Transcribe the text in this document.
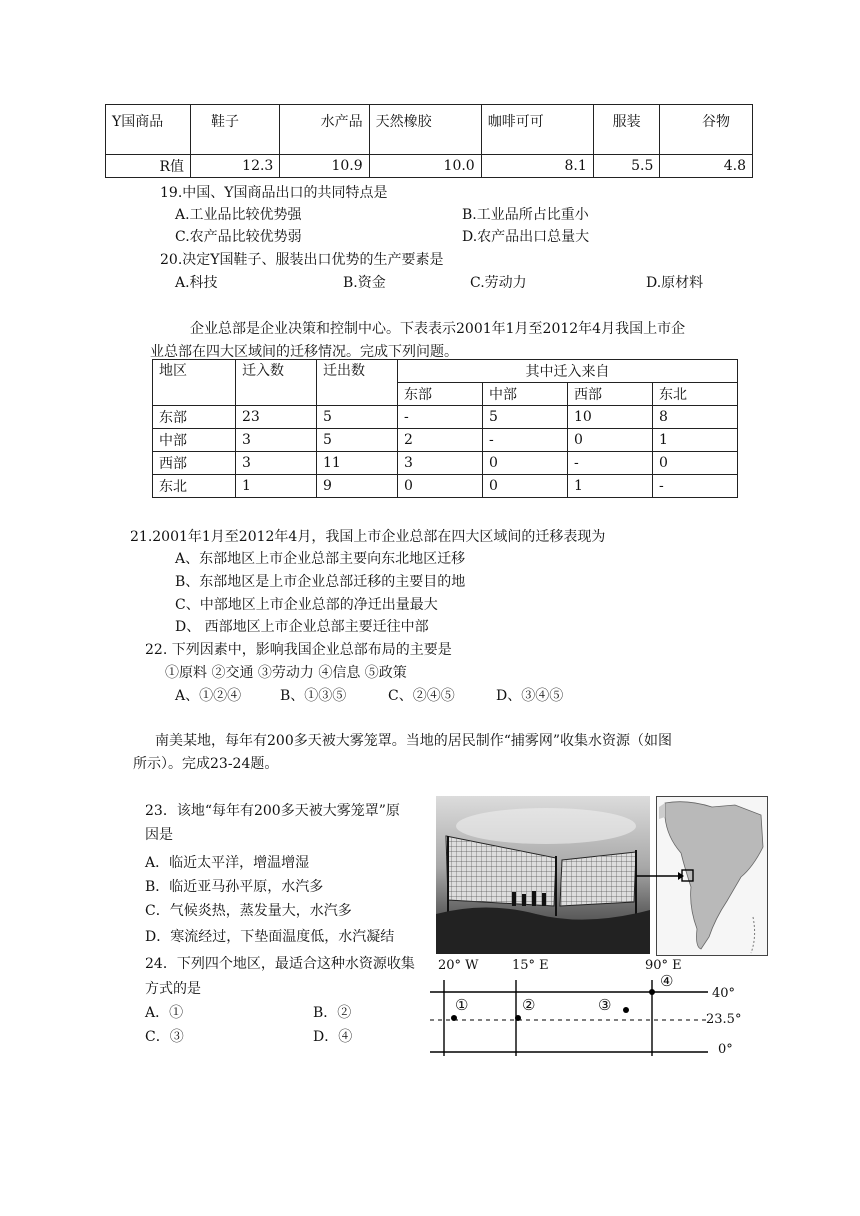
Y国商品	鞋子	水产品	天然橡胶	咖啡可可	服装	谷物
R值	12.3	10.9	10.0	8.1	5.5	4.8
19.中国、Y国商品出口的共同特点是
A.工业品比较优势强	B.工业品所占比重小
C.农产品比较优势弱	D.农产品出口总量大
20.决定Y国鞋子、服装出口优势的生产要素是
A.科技	B.资金	C.劳动力	D.原材料
企业总部是企业决策和控制中心。下表表示2001年1月至2012年4月我国上市企
业总部在四大区域间的迁移情况。完成下列问题。
地区	迁入数	迁出数	其中迁入来自			
			东部	中部	西部	东北
东部	23	5	-	5	10	8
中部	3	5	2	-	0	1
西部	3	11	3	0	-	0
东北	1	9	0	0	1	-
21.2001年1月至2012年4月，我国上市企业总部在四大区域间的迁移表现为
A、东部地区上市企业总部主要向东北地区迁移
B、东部地区是上市企业总部迁移的主要目的地
C、中部地区上市企业总部的净迁出量最大
D、 西部地区上市企业总部主要迁往中部
22. 下列因素中，影响我国企业总部布局的主要是
①原料 ②交通 ③劳动力 ④信息 ⑤政策
A、①②④	B、①③⑤	C、②④⑤	D、③④⑤
南美某地，每年有200多天被大雾笼罩。当地的居民制作“捕雾网”收集水资源（如图
所示）。完成23-24题。
23．该地“每年有200多天被大雾笼罩”原
因是
A．临近太平洋，增温增湿
B．临近亚马孙平原，水汽多
C．气候炎热，蒸发量大，水汽多
D．寒流经过，下垫面温度低，水汽凝结
24．下列四个地区，最适合这种水资源收集
方式的是
A．①	B．②
C．③	D．④
20° W	15° E	90° E
40°
23.5°
0°
①	②	③
④
